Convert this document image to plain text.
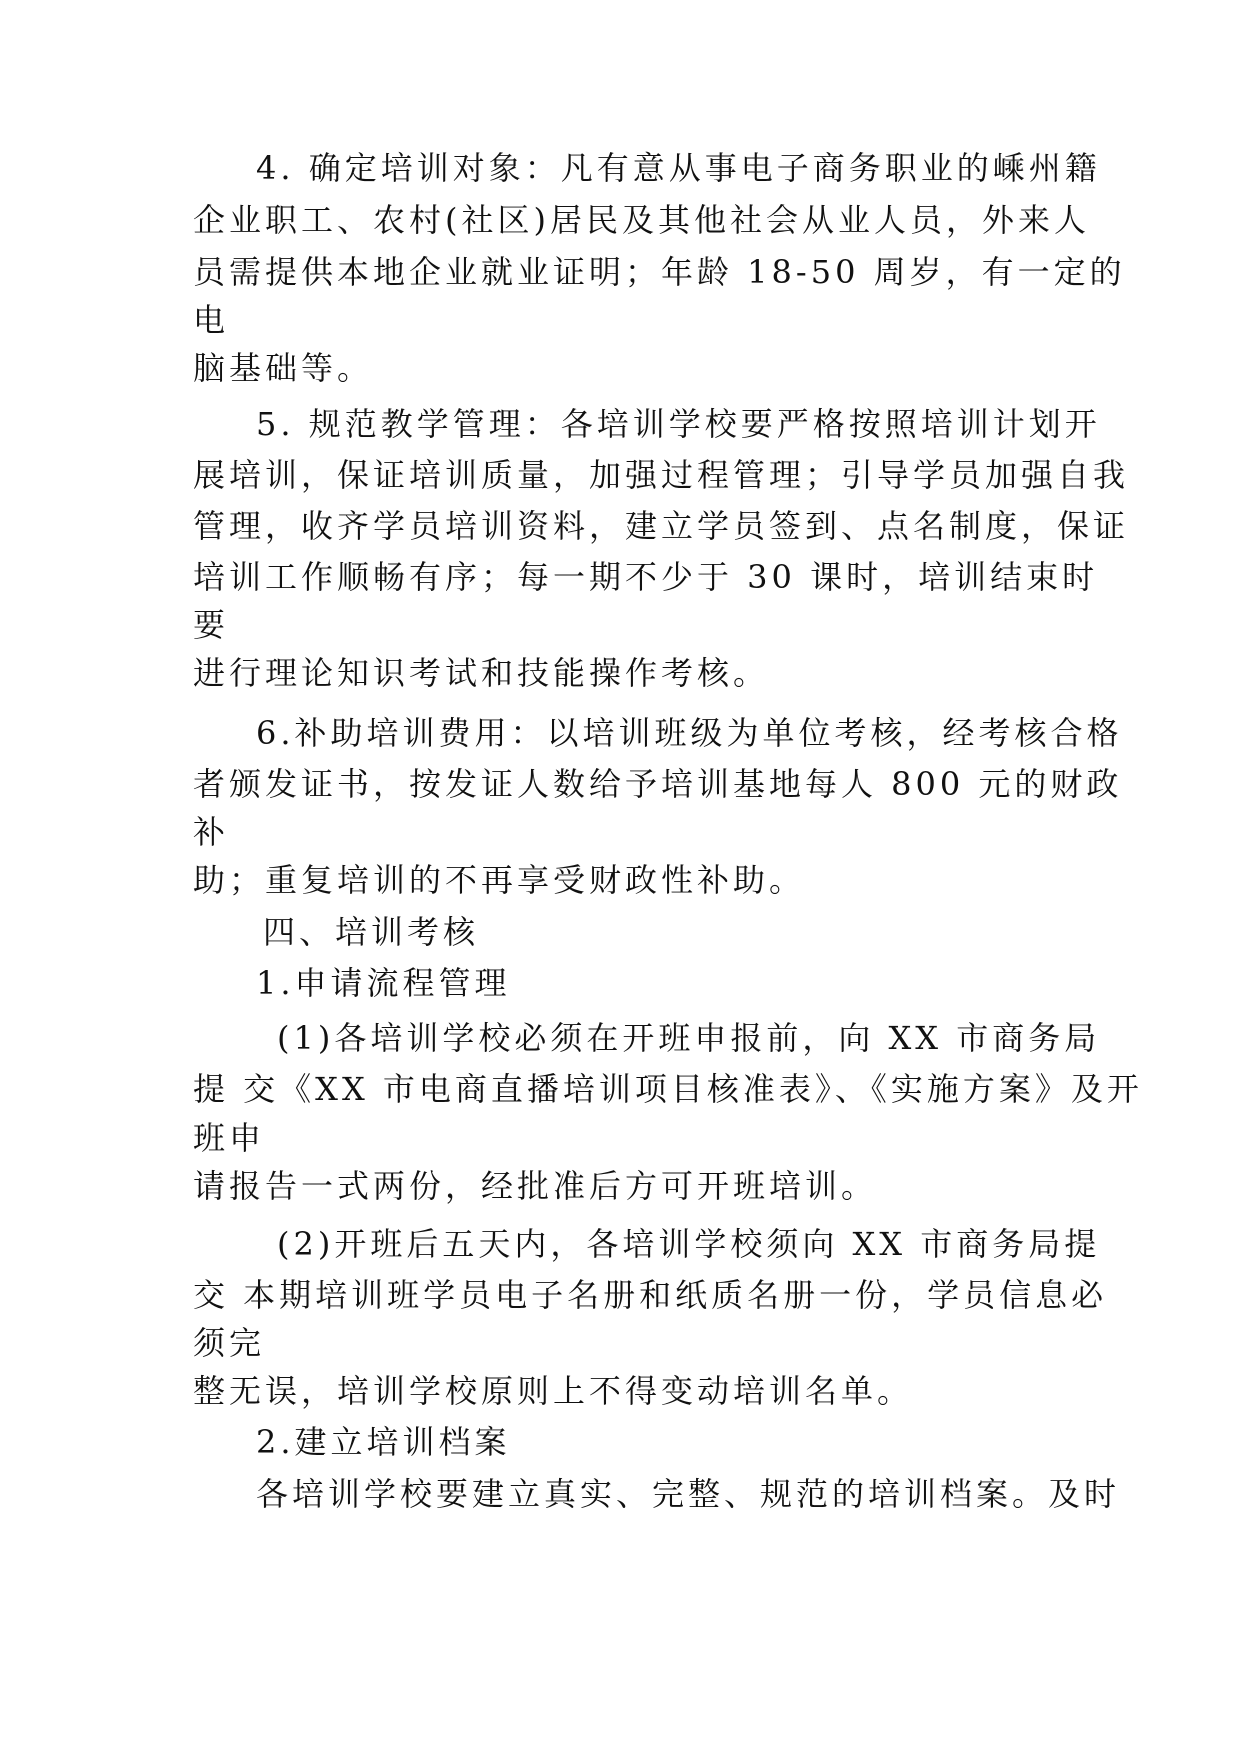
4. 确定培训对象：凡有意从事电子商务职业的嵊州籍
企业职工、农村(社区)居民及其他社会从业人员，外来人
员需提供本地企业就业证明；年龄 18-50 周岁，有一定的
电
脑基础等。
5. 规范教学管理：各培训学校要严格按照培训计划开
展培训，保证培训质量，加强过程管理；引导学员加强自我
管理，收齐学员培训资料，建立学员签到、点名制度，保证
培训工作顺畅有序；每一期不少于 30 课时，培训结束时
要
进行理论知识考试和技能操作考核。
6.补助培训费用：以培训班级为单位考核，经考核合格
者颁发证书，按发证人数给予培训基地每人 800 元的财政
补
助；重复培训的不再享受财政性补助。
四、培训考核
1.申请流程管理
(1)各培训学校必须在开班申报前，向 XX 市商务局
提 交《XX 市电商直播培训项目核准表》、《实施方案》及开
班申
请报告一式两份，经批准后方可开班培训。
(2)开班后五天内，各培训学校须向 XX 市商务局提
交 本期培训班学员电子名册和纸质名册一份，学员信息必
须完
整无误，培训学校原则上不得变动培训名单。
2.建立培训档案
各培训学校要建立真实、完整、规范的培训档案。及时
